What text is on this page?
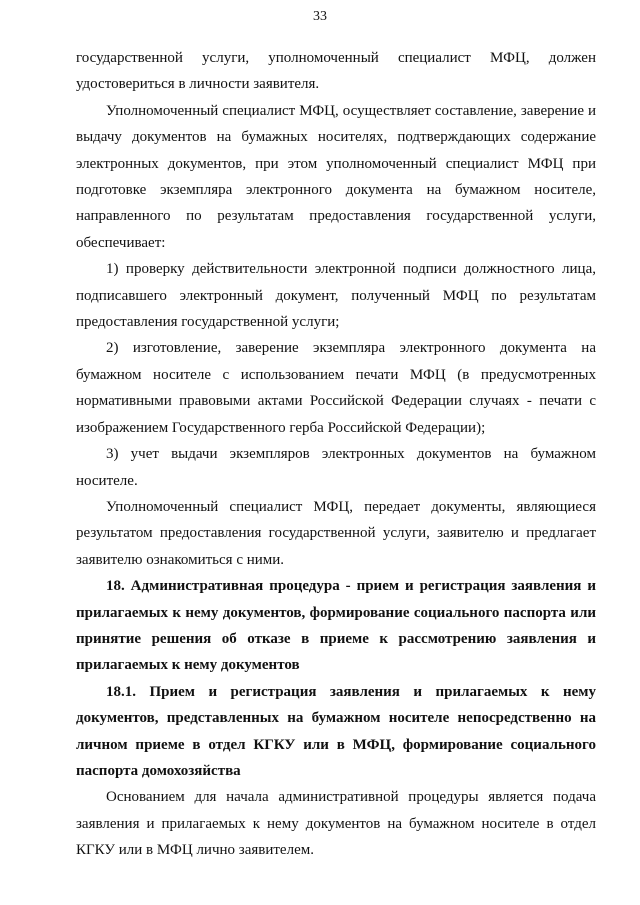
33

государственной услуги, уполномоченный специалист МФЦ, должен удостовериться в личности заявителя.

Уполномоченный специалист МФЦ, осуществляет составление, заверение и выдачу документов на бумажных носителях, подтверждающих содержание электронных документов, при этом уполномоченный специалист МФЦ при подготовке экземпляра электронного документа на бумажном носителе, направленного по результатам предоставления государственной услуги, обеспечивает:

1) проверку действительности электронной подписи должностного лица, подписавшего электронный документ, полученный МФЦ по результатам предоставления государственной услуги;

2) изготовление, заверение экземпляра электронного документа на бумажном носителе с использованием печати МФЦ (в предусмотренных нормативными правовыми актами Российской Федерации случаях - печати с изображением Государственного герба Российской Федерации);

3) учет выдачи экземпляров электронных документов на бумажном носителе.

Уполномоченный специалист МФЦ, передает документы, являющиеся результатом предоставления государственной услуги, заявителю и предлагает заявителю ознакомиться с ними.

18. Административная процедура - прием и регистрация заявления и прилагаемых к нему документов, формирование социального паспорта или принятие решения об отказе в приеме к рассмотрению заявления и прилагаемых к нему документов

18.1. Прием и регистрация заявления и прилагаемых к нему документов, представленных на бумажном носителе непосредственно на личном приеме в отдел КГКУ или в МФЦ, формирование социального паспорта домохозяйства

Основанием для начала административной процедуры является подача заявления и прилагаемых к нему документов на бумажном носителе в отдел КГКУ или в МФЦ лично заявителем.
